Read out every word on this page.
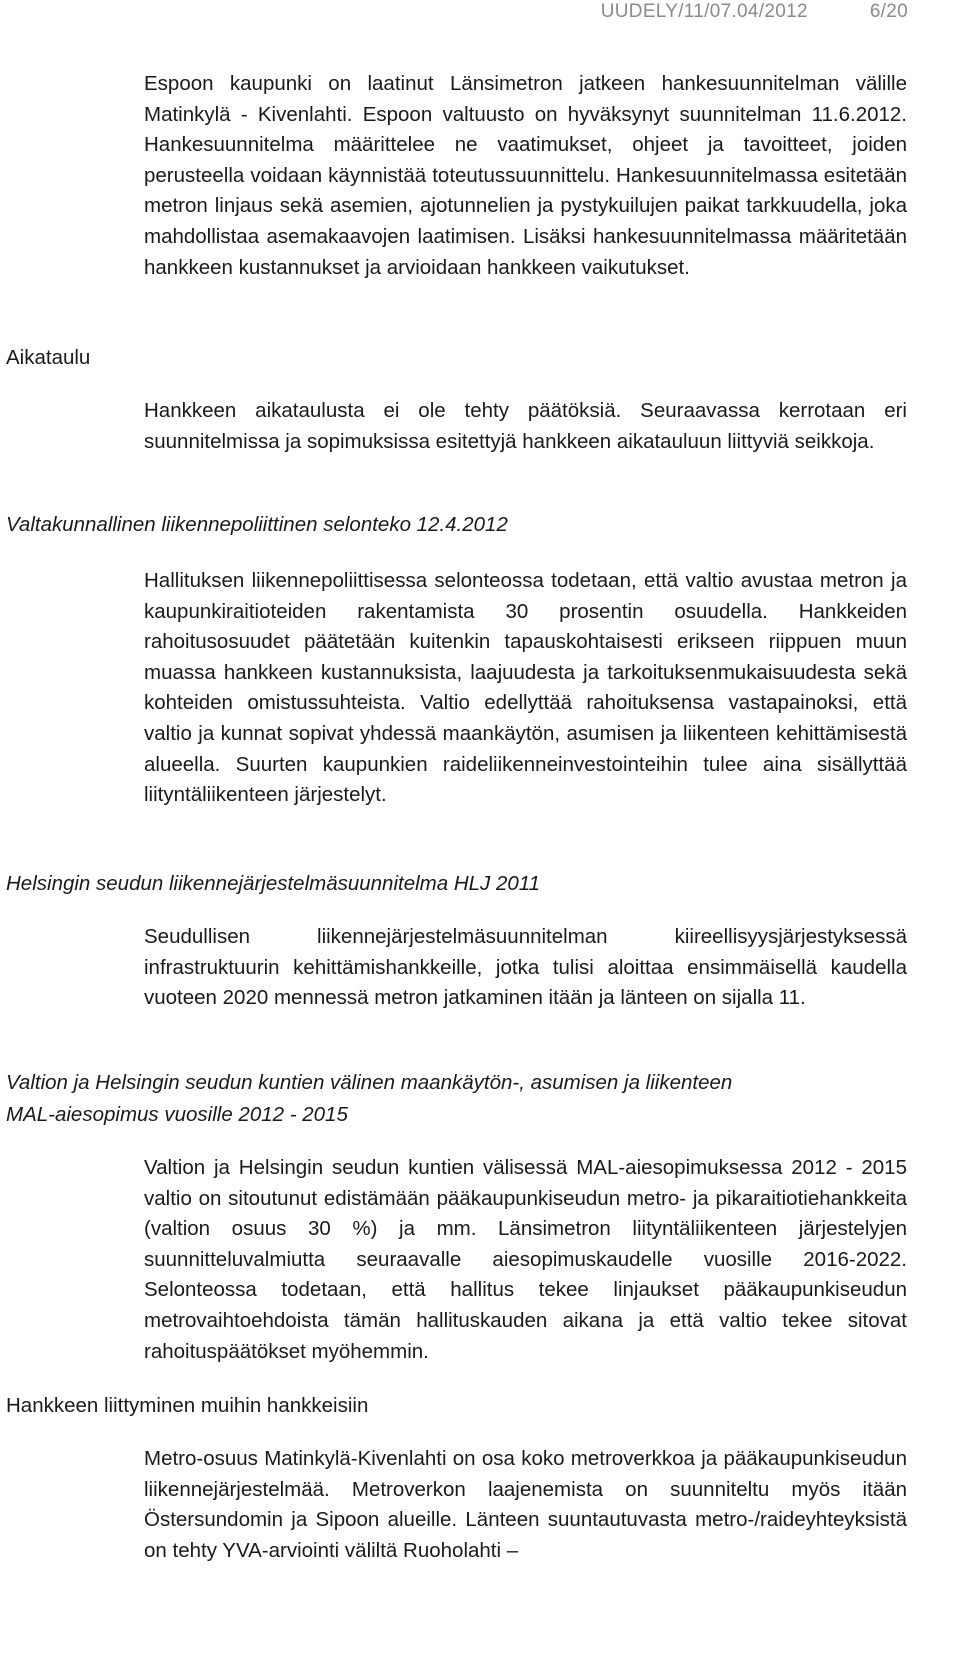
UUDELY/11/07.04/2012	6/20

Espoon kaupunki on laatinut Länsimetron jatkeen hankesuunnitelman välille Matinkylä - Kivenlahti. Espoon valtuusto on hyväksynyt suunnitelman 11.6.2012. Hankesuunnitelma määrittelee ne vaatimukset, ohjeet ja tavoitteet, joiden perusteella voidaan käynnistää toteutussuunnittelu. Hankesuunnitelmassa esitetään metron linjaus sekä asemien, ajotunnelien ja pystykuilujen paikat tarkkuudella, joka mahdollistaa asemakaavojen laatimisen. Lisäksi hankesuunnitelmassa määritetään hankkeen kustannukset ja arvioidaan hankkeen vaikutukset.

Aikataulu

Hankkeen aikataulusta ei ole tehty päätöksiä. Seuraavassa kerrotaan eri suunnitelmissa ja sopimuksissa esitettyjä hankkeen aikatauluun liittyviä seikkoja.

Valtakunnallinen liikennepoliittinen selonteko 12.4.2012

Hallituksen liikennepoliittisessa selonteossa todetaan, että valtio avustaa metron ja kaupunkiraitioteiden rakentamista 30 prosentin osuudella. Hankkeiden rahoitusosuudet päätetään kuitenkin tapauskohtaisesti erikseen riippuen muun muassa hankkeen kustannuksista, laajuudesta ja tarkoituksenmukaisuudesta sekä kohteiden omistussuhteista. Valtio edellyttää rahoituksensa vastapainoksi, että valtio ja kunnat sopivat yhdessä maankäytön, asumisen ja liikenteen kehittämisestä alueella. Suurten kaupunkien raideliikenneinvestointeihin tulee aina sisällyttää liityntäliikenteen järjestelyt.

Helsingin seudun liikennejärjestelmäsuunnitelma HLJ 2011

Seudullisen liikennejärjestelmäsuunnitelman kiireellisyysjärjestyksessä infrastruktuurin kehittämishankkeille, jotka tulisi aloittaa ensimmäisellä kaudella vuoteen 2020 mennessä metron jatkaminen itään ja länteen on sijalla 11.

Valtion ja Helsingin seudun kuntien välinen maankäytön-, asumisen ja liikenteen
MAL-aiesopimus vuosille 2012 - 2015

Valtion ja Helsingin seudun kuntien välisessä MAL-aiesopimuksessa 2012 - 2015 valtio on sitoutunut edistämään pääkaupunkiseudun metro- ja pikaraitiotiehankkeita (valtion osuus 30 %) ja mm. Länsimetron liityntäliikenteen järjestelyjen suunnitteluvalmiutta seuraavalle aiesopimuskaudelle vuosille 2016-2022. Selonteossa todetaan, että hallitus tekee linjaukset pääkaupunkiseudun metrovaihtoehdoista tämän hallituskauden aikana ja että valtio tekee sitovat rahoituspäätökset myöhemmin.

Hankkeen liittyminen muihin hankkeisiin

Metro-osuus Matinkylä-Kivenlahti on osa koko metroverkkoa ja pääkaupunkiseudun liikennejärjestelmää. Metroverkon laajenemista on suunniteltu myös itään Östersundomin ja Sipoon alueille. Länteen suuntautuvasta metro-/raideyhteyksistä on tehty YVA-arviointi väliltä Ruoholahti –
